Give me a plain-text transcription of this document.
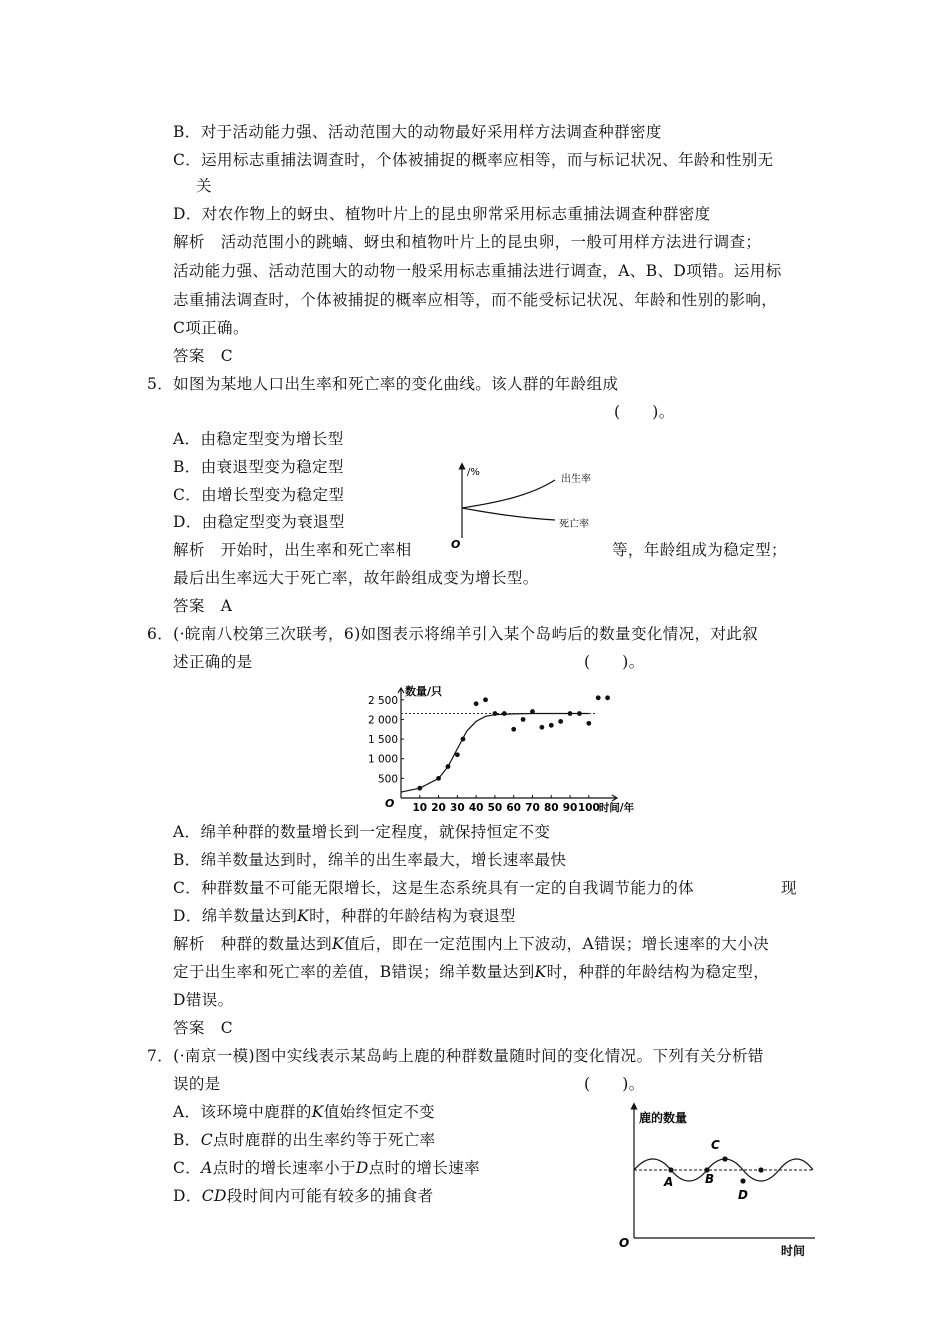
B．对于活动能力强、活动范围大的动物最好采用样方法调查种群密度
C．运用标志重捕法调查时，个体被捕捉的概率应相等，而与标记状况、年龄和性别无
关
D．对农作物上的蚜虫、植物叶片上的昆虫卵常采用标志重捕法调查种群密度
解析　活动范围小的跳蝻、蚜虫和植物叶片上的昆虫卵，一般可用样方法进行调查；
活动能力强、活动范围大的动物一般采用标志重捕法进行调查，A、B、D项错。运用标
志重捕法调查时，个体被捕捉的概率应相等，而不能受标记状况、年龄和性别的影响，
C项正确。
答案　C
5．如图为某地人口出生率和死亡率的变化曲线。该人群的年龄组成
(　　)。
A．由稳定型变为增长型
B．由衰退型变为稳定型
C．由增长型变为稳定型
D．由稳定型变为衰退型
解析　开始时，出生率和死亡率相	等，年龄组成为稳定型；
最后出生率远大于死亡率，故年龄组成变为增长型。
答案　A
/%
O
出生率
死亡率
6．(·皖南八校第三次联考，6)如图表示将绵羊引入某个岛屿后的数量变化情况，对此叙
述正确的是	(　　)。
O
数量/只
500
1 000
1 500
2 000
2 500
10 20 30 40 50 60 70 80 90 100 时间/年
A．绵羊种群的数量增长到一定程度，就保持恒定不变
B．绵羊数量达到时，绵羊的出生率最大，增长速率最快
C．种群数量不可能无限增长，这是生态系统具有一定的自我调节能力的体	现
D．绵羊数量达到K时，种群的年龄结构为衰退型
解析　种群的数量达到K值后，即在一定范围内上下波动，A错误；增长速率的大小决
定于出生率和死亡率的差值，B错误；绵羊数量达到K时，种群的年龄结构为稳定型，
D错误。
答案　C
7．(·南京一模)图中实线表示某岛屿上鹿的种群数量随时间的变化情况。下列有关分析错
误的是	(　　)。
A．该环境中鹿群的K值始终恒定不变
B．C点时鹿群的出生率约等于死亡率
C．A点时的增长速率小于D点时的增长速率
D．CD段时间内可能有较多的捕食者
鹿的数量
时间
O
A	B
C
D
